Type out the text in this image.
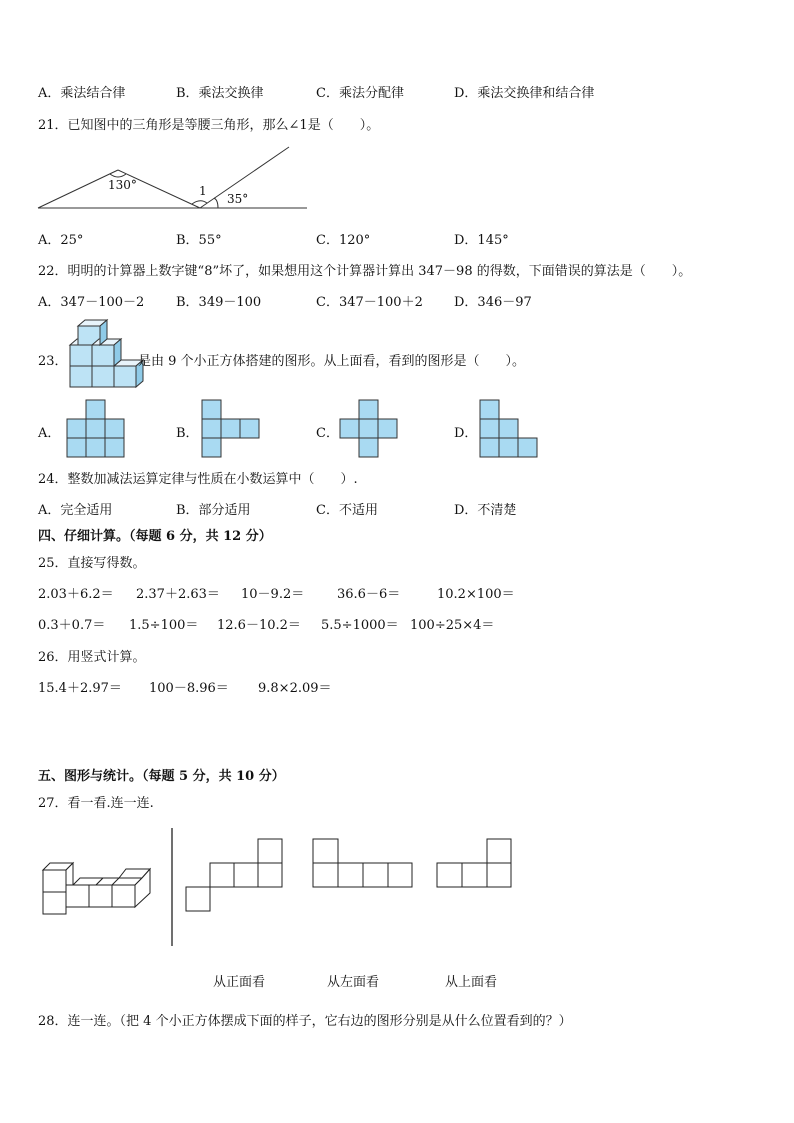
A．乘法结合律	B．乘法交换律	C．乘法分配律	D．乘法交换律和结合律
21．已知图中的三角形是等腰三角形，那么∠1是（　　）。
130°	1
35°
A．25°	B．55°	C．120°	D．145°
22．明明的计算器上数字键“8”坏了，如果想用这个计算器计算出 347－98 的得数，下面错误的算法是（　　）。
A．347－100－2 B．349－100	C．347－100＋2 D．346－97
23．	是由 9 个小正方体搭建的图形。从上面看，看到的图形是（　　）。
A．	B．	C．	D．
24．整数加减法运算定律与性质在小数运算中（　　）.
A．完全适用	B．部分适用	C．不适用	D．不清楚
四、仔细计算。（每题 6 分，共 12 分）
25．直接写得数。
2.03＋6.2＝ 2.37＋2.63＝ 10－9.2＝	36.6－6＝	10.2×100＝
0.3＋0.7＝ 1.5÷100＝ 12.6－10.2＝ 5.5÷1000＝ 100÷25×4＝
26．用竖式计算。
15.4＋2.97＝ 100－8.96＝ 9.8×2.09＝
五、图形与统计。（每题 5 分，共 10 分）
27．看一看.连一连.
从正面看	从左面看	从上面看
28．连一连。（把 4 个小正方体摆成下面的样子，它右边的图形分别是从什么位置看到的？）
